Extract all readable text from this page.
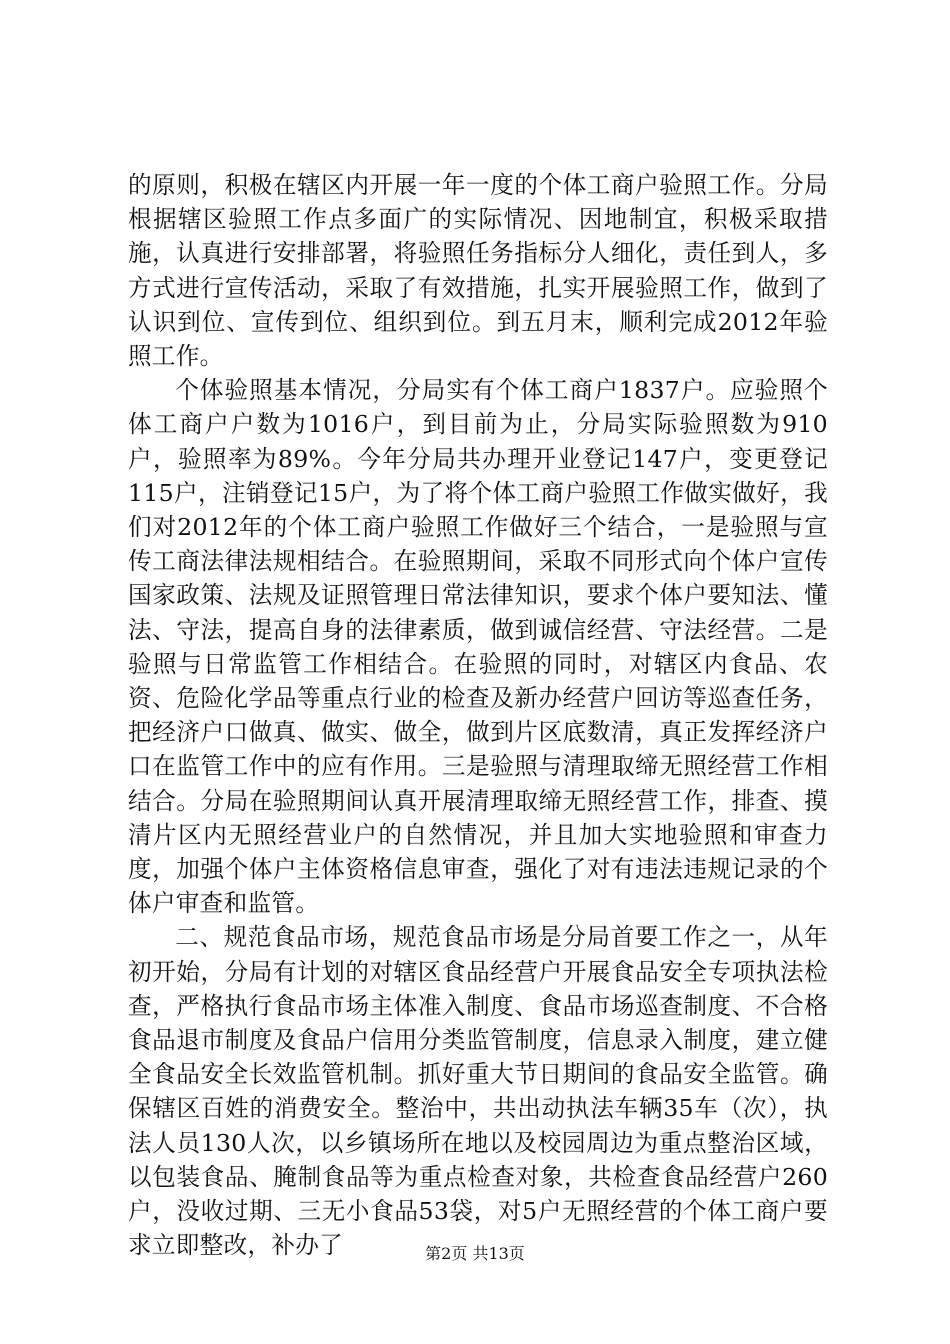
的原则，积极在辖区内开展一年一度的个体工商户验照工作。分局根据辖区验照工作点多面广的实际情况、因地制宜，积极采取措施，认真进行安排部署，将验照任务指标分人细化，责任到人，多方式进行宣传活动，采取了有效措施，扎实开展验照工作，做到了认识到位、宣传到位、组织到位。到五月末，顺利完成2012年验照工作。

个体验照基本情况，分局实有个体工商户1837户。应验照个体工商户户数为1016户，到目前为止，分局实际验照数为910户，验照率为89%。今年分局共办理开业登记147户，变更登记115户，注销登记15户，为了将个体工商户验照工作做实做好，我们对2012年的个体工商户验照工作做好三个结合，一是验照与宣传工商法律法规相结合。在验照期间，采取不同形式向个体户宣传国家政策、法规及证照管理日常法律知识，要求个体户要知法、懂法、守法，提高自身的法律素质，做到诚信经营、守法经营。二是验照与日常监管工作相结合。在验照的同时，对辖区内食品、农资、危险化学品等重点行业的检查及新办经营户回访等巡查任务，把经济户口做真、做实、做全，做到片区底数清，真正发挥经济户口在监管工作中的应有作用。三是验照与清理取缔无照经营工作相结合。分局在验照期间认真开展清理取缔无照经营工作，排查、摸清片区内无照经营业户的自然情况，并且加大实地验照和审查力度，加强个体户主体资格信息审查，强化了对有违法违规记录的个体户审查和监管。

二、规范食品市场，规范食品市场是分局首要工作之一，从年初开始，分局有计划的对辖区食品经营户开展食品安全专项执法检查，严格执行食品市场主体准入制度、食品市场巡查制度、不合格食品退市制度及食品户信用分类监管制度，信息录入制度，建立健全食品安全长效监管机制。抓好重大节日期间的食品安全监管。确保辖区百姓的消费安全。整治中，共出动执法车辆35车（次），执法人员130人次，以乡镇场所在地以及校园周边为重点整治区域，以包装食品、腌制食品等为重点检查对象，共检查食品经营户260户，没收过期、三无小食品53袋，对5户无照经营的个体工商户要求立即整改，补办了	第2页 共13页
